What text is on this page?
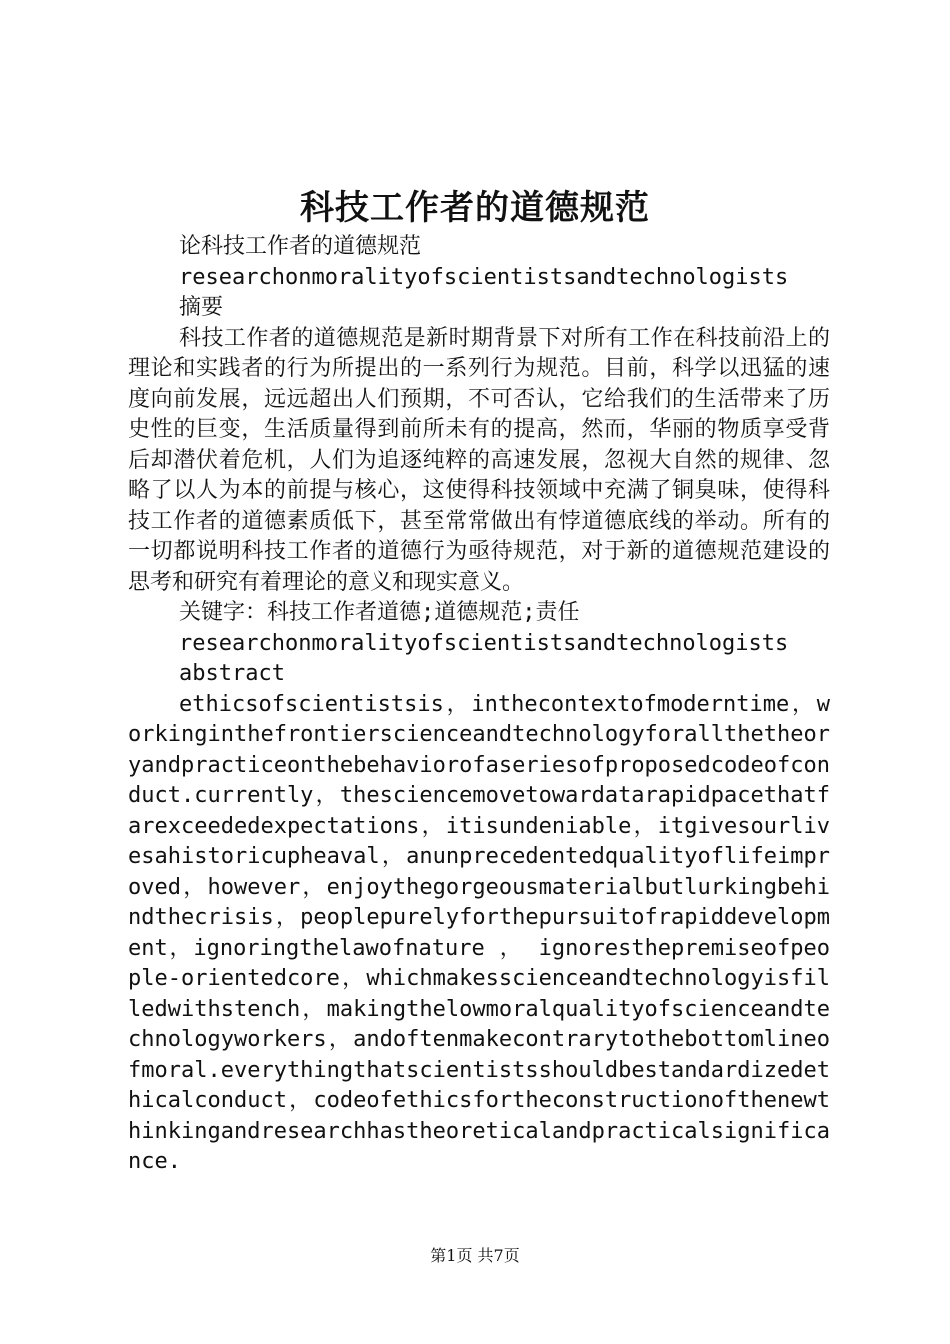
科技工作者的道德规范
论科技工作者的道德规范
researchonmoralityofscientistsandtechnologists
摘要
科技工作者的道德规范是新时期背景下对所有工作在科技前沿上的理论和实践者的行为所提出的一系列行为规范。目前，科学以迅猛的速度向前发展，远远超出人们预期，不可否认，它给我们的生活带来了历史性的巨变，生活质量得到前所未有的提高，然而，华丽的物质享受背后却潜伏着危机，人们为追逐纯粹的高速发展，忽视大自然的规律、忽略了以人为本的前提与核心，这使得科技领域中充满了铜臭味，使得科技工作者的道德素质低下，甚至常常做出有悖道德底线的举动。所有的一切都说明科技工作者的道德行为亟待规范，对于新的道德规范建设的思考和研究有着理论的意义和现实意义。
关键字：科技工作者道德;道德规范;责任
researchonmoralityofscientistsandtechnologists
abstract
ethicsofscientistsis，inthecontextofmoderntime，workinginthefrontierscienceandtechnologyforallthetheoryandpracticeonthebehaviorofaseriesofproposedcodeofconduct.currently，thesciencemovetowardatarapidpacethatfarexceededexpectations，itisundeniable，itgivesourlivesahistoricupheaval，anunprecedentedqualityoflifeimproved，however，enjoythegorgeousmaterialbutlurkingbehindthecrisis，peoplepurelyforthepursuitofrapiddevelopment，ignoringthelawofnature ， ignoresthepremiseofpeople-orientedcore，whichmakesscienceandtechnologyisfilledwithstench，makingthelowmoralqualityofscienceandtechnologyworkers，andoftenmakecontrarytothebottomlineofmoral.everythingthatscientistsshouldbestandardizedethicalconduct，codeofethicsfortheconstructionofthenewthinkingandresearchhastheoreticalandpracticalsignificance.
第1页 共7页
